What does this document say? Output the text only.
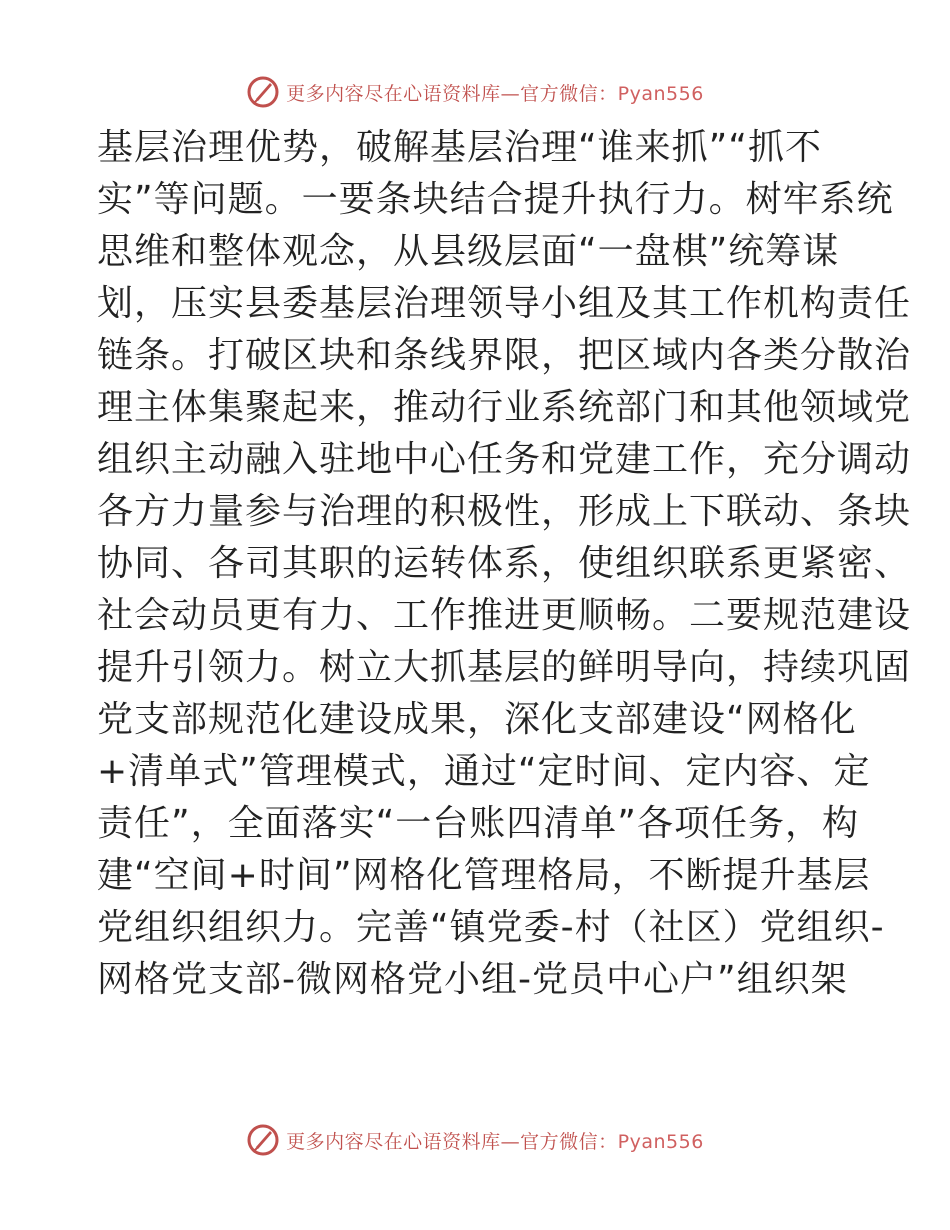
更多内容尽在心语资料库—官方微信：Pyan556
基层治理优势，破解基层治理“谁来抓”“抓不
实”等问题。一要条块结合提升执行力。树牢系统
思维和整体观念，从县级层面“一盘棋”统筹谋
划，压实县委基层治理领导小组及其工作机构责任
链条。打破区块和条线界限，把区域内各类分散治
理主体集聚起来，推动行业系统部门和其他领域党
组织主动融入驻地中心任务和党建工作，充分调动
各方力量参与治理的积极性，形成上下联动、条块
协同、各司其职的运转体系，使组织联系更紧密、
社会动员更有力、工作推进更顺畅。二要规范建设
提升引领力。树立大抓基层的鲜明导向，持续巩固
党支部规范化建设成果，深化支部建设“网格化
+清单式”管理模式，通过“定时间、定内容、定
责任”，全面落实“一台账四清单”各项任务，构
建“空间+时间”网格化管理格局，不断提升基层
党组织组织力。完善“镇党委-村（社区）党组织-
网格党支部-微网格党小组-党员中心户”组织架
更多内容尽在心语资料库—官方微信：Pyan556
